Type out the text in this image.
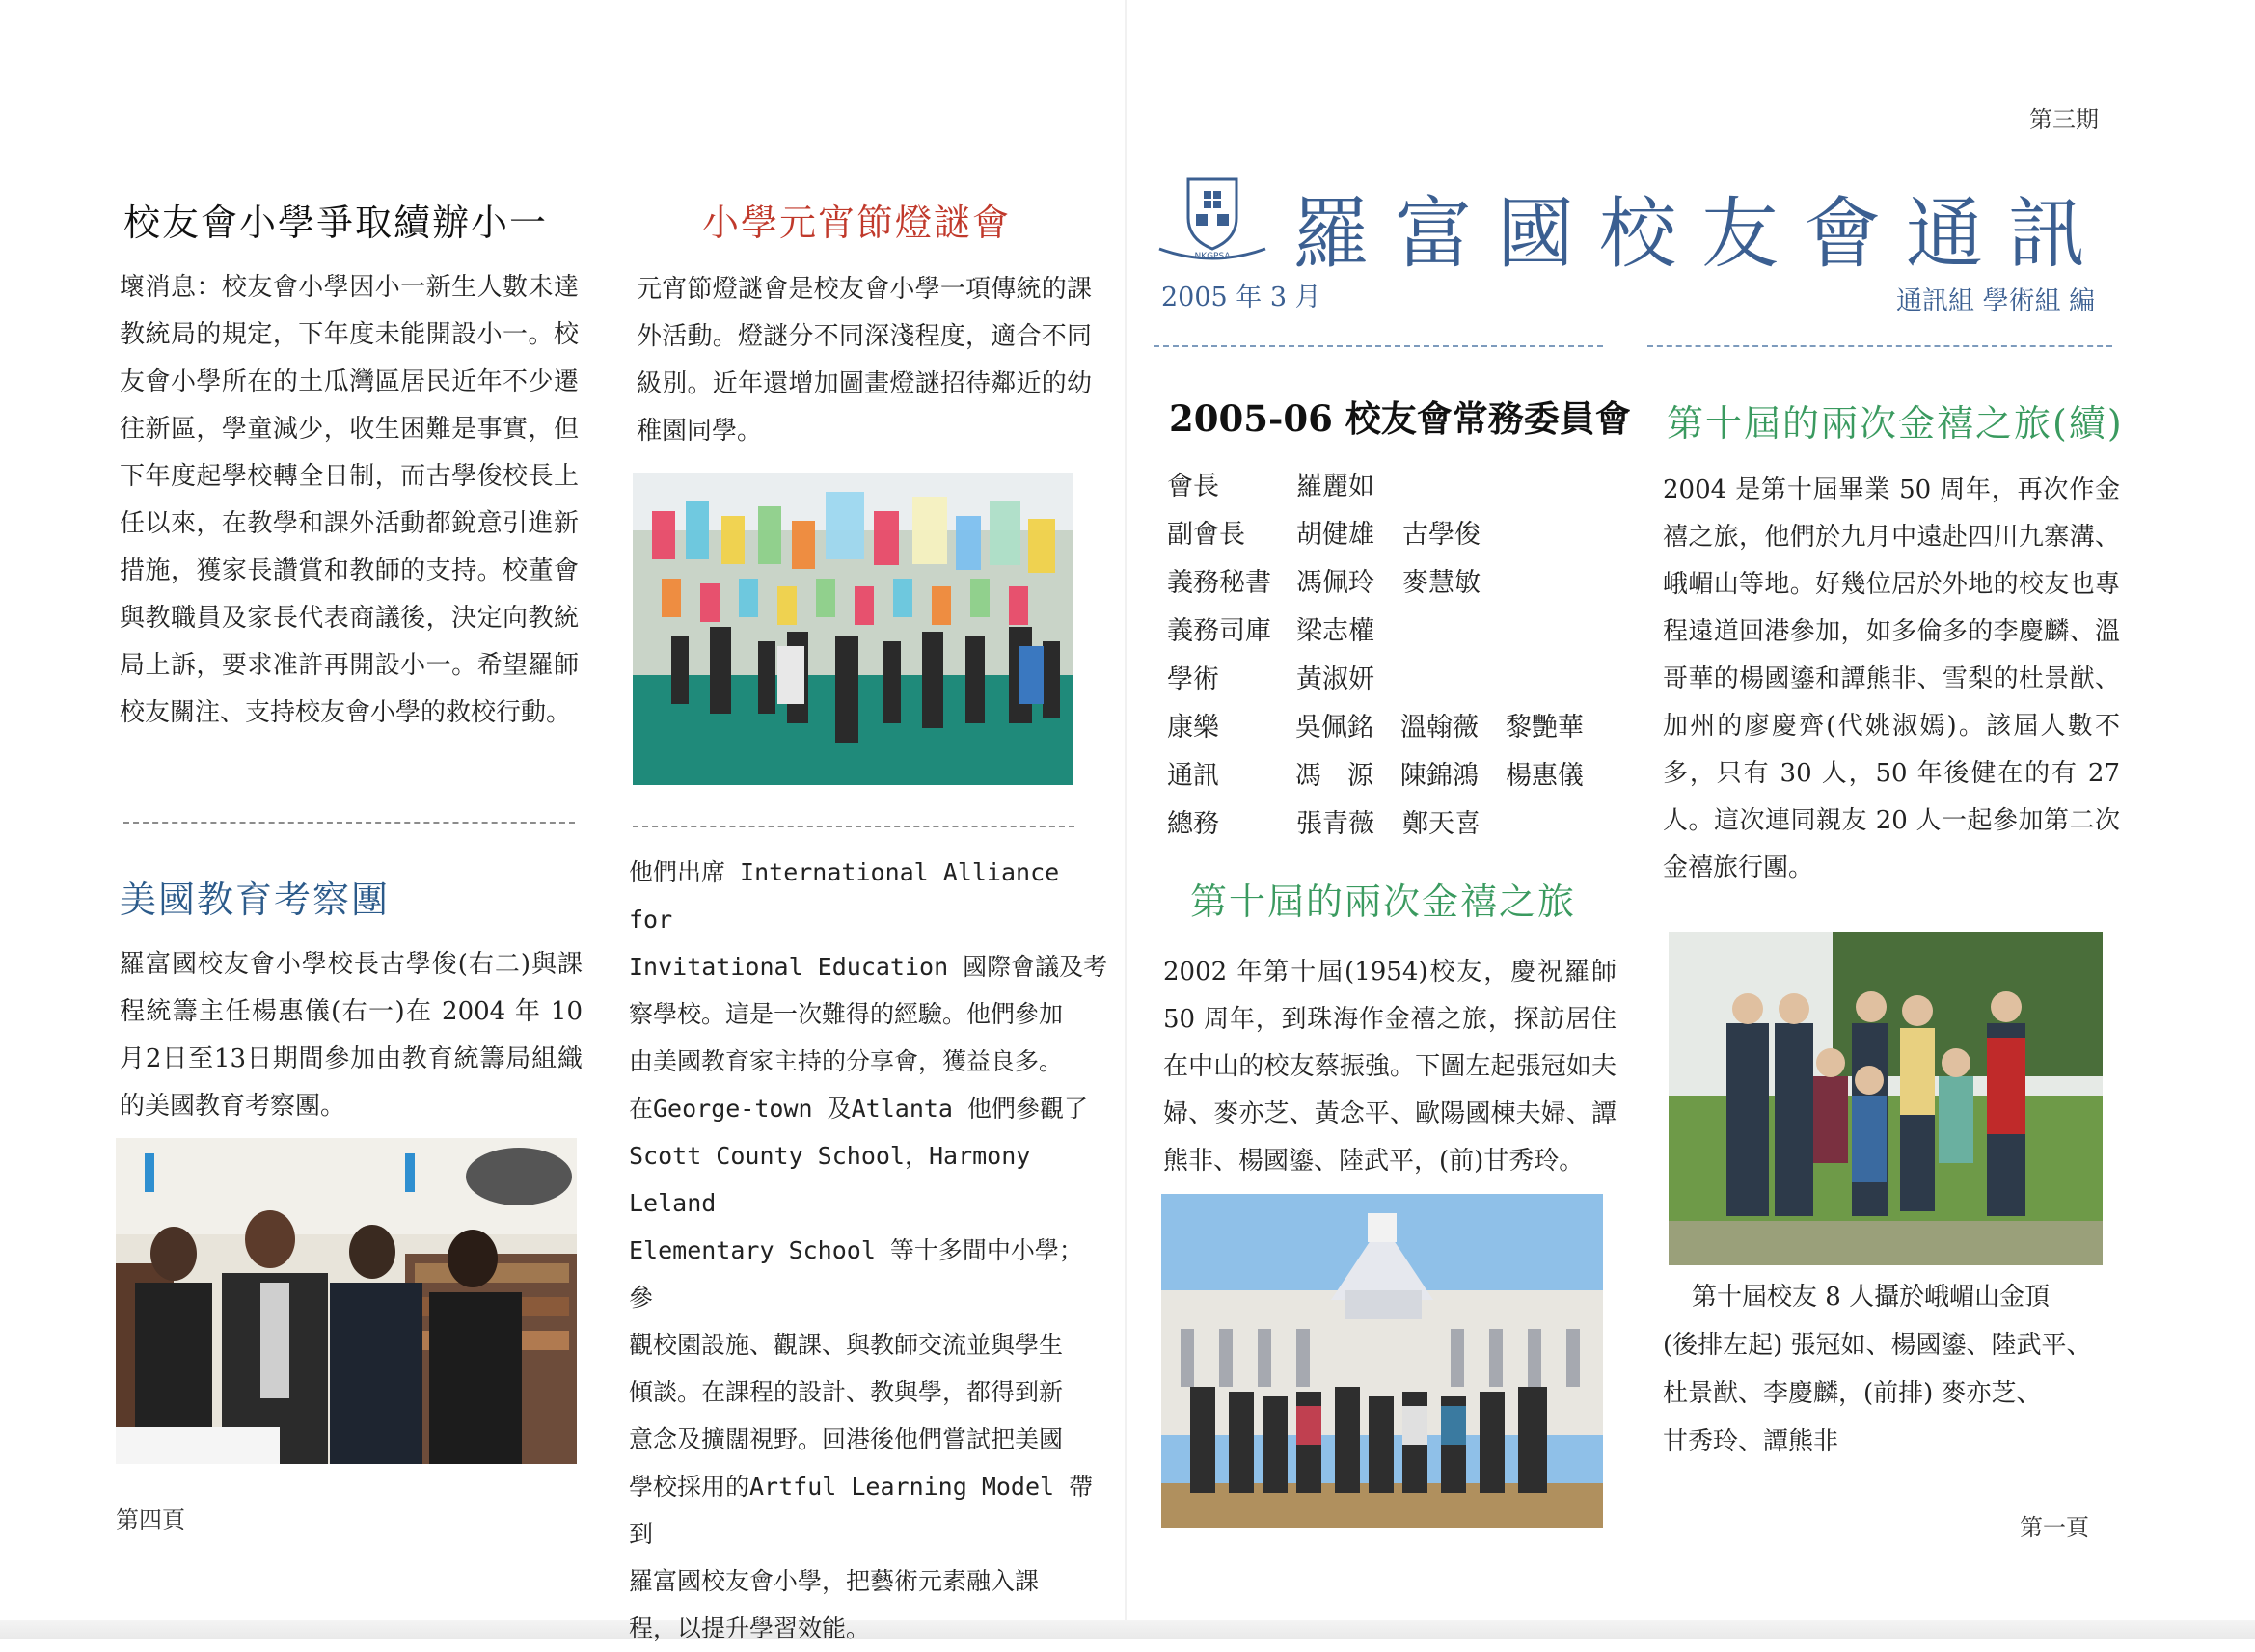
第三期
校友會小學爭取續辦小一
壞消息：校友會小學因小一新生人數未達教統局的規定，下年度未能開設小一。校友會小學所在的土瓜灣區居民近年不少遷往新區，學童減少，收生困難是事實，但下年度起學校轉全日制，而古學俊校長上任以來，在教學和課外活動都銳意引進新措施，獲家長讚賞和教師的支持。校董會與教職員及家長代表商議後，決定向教統局上訴，要求准許再開設小一。希望羅師校友關注、支持校友會小學的救校行動。
美國教育考察團
羅富國校友會小學校長古學俊(右二)與課程統籌主任楊惠儀(右一)在 2004 年 10月2日至13日期間參加由教育統籌局組織的美國教育考察團。
小學元宵節燈謎會
元宵節燈謎會是校友會小學一項傳統的課外活動。燈謎分不同深淺程度，適合不同級別。近年還增加圖畫燈謎招待鄰近的幼稚園同學。
他們出席 International Alliance for
Invitational Education 國際會議及考
察學校。這是一次難得的經驗。他們參加
由美國教育家主持的分享會，獲益良多。
在George-town 及Atlanta 他們參觀了
Scott County School，Harmony Leland
Elementary School 等十多間中小學； 參
觀校園設施、觀課、與教師交流並與學生
傾談。在課程的設計、教與學，都得到新
意念及擴闊視野。回港後他們嘗試把美國
學校採用的Artful Learning Model 帶到
羅富國校友會小學，把藝術元素融入課
程，以提升學習效能。
第四頁
NKGPSA 羅富國校友會通訊
2005 年 3 月	通訊組 學術組 編
2005-06 校友會常務委員會
會長	羅麗如
副會長	胡健雄	古學俊
義務秘書 馮佩玲	麥慧敏
義務司庫 梁志權
學術	黃淑妍
康樂	吳佩銘	溫翰薇	黎艷華
通訊	馮　源	陳錦鴻	楊惠儀
總務	張青薇	鄭天喜
第十屆的兩次金禧之旅
2002 年第十屆(1954)校友，慶祝羅師 50 周年，到珠海作金禧之旅，探訪居住在中山的校友蔡振強。下圖左起張冠如夫婦、麥亦芝、黃念平、歐陽國棟夫婦、譚熊非、楊國鎏、陸武平，(前)甘秀玲。
第十屆的兩次金禧之旅(續)
2004 是第十屆畢業 50 周年，再次作金禧之旅，他們於九月中遠赴四川九寨溝、峨嵋山等地。好幾位居於外地的校友也專程遠道回港參加，如多倫多的李慶麟、溫哥華的楊國鎏和譚熊非、雪梨的杜景猷、加州的廖慶齊(代姚淑嫣)。該屆人數不多，只有 30 人，50 年後健在的有 27 人。這次連同親友 20 人一起參加第二次金禧旅行團。
第十屆校友 8 人攝於峨嵋山金頂
(後排左起) 張冠如、楊國鎏、陸武平、
杜景猷、李慶麟，(前排) 麥亦芝、
甘秀玲、譚熊非
第一頁
